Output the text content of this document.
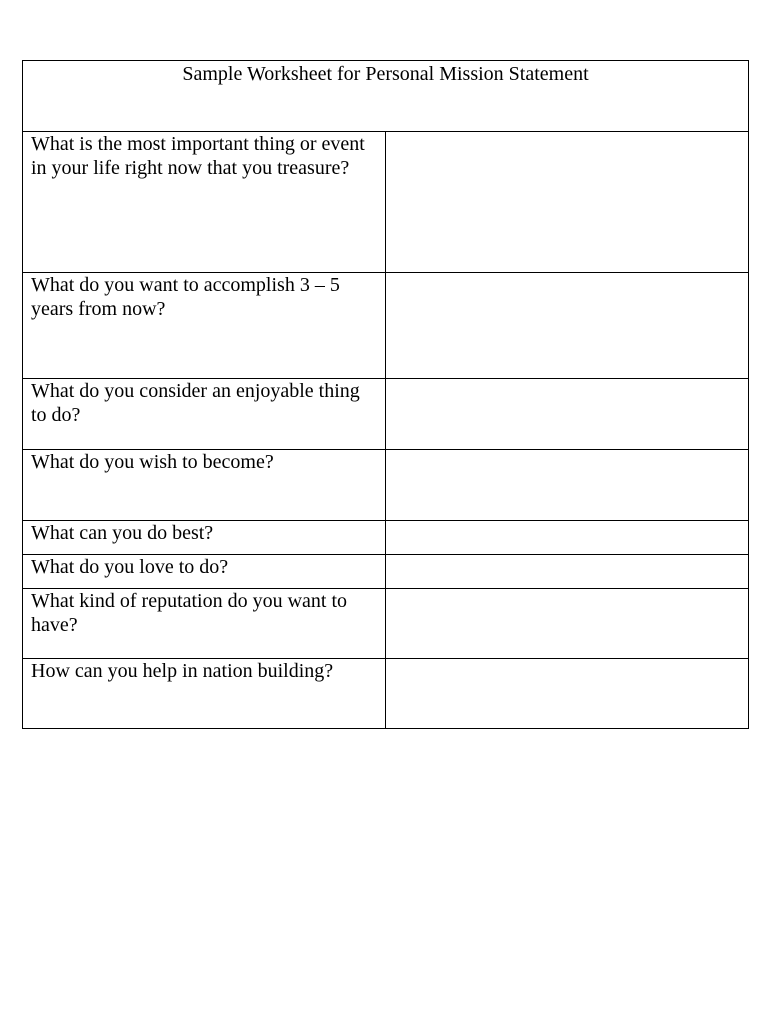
Sample Worksheet for Personal Mission Statement	

What is the most important thing or event in your life right now that you treasure?	

What do you want to accomplish 3 – 5 years from now?	

What do you consider an enjoyable thing to do?	

What do you wish to become?	

What can you do best?	

What do you love to do?	

What kind of reputation do you want to have?	

How can you help in nation building?	
